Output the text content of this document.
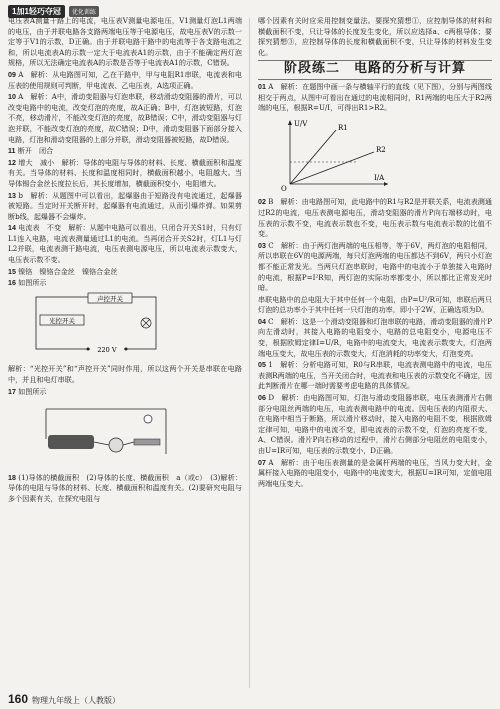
1加1轻巧夺冠	优化训练

电压表A测量干路上的电流，电压表V测量电源电压，V1测量灯泡L1两端的电压，由于并联电路各支路两端电压等于电源电压，故电压表V的示数一定等于V1的示数，D正确。由于并联电路干路中的电流等于各支路电流之和，所以电流表A的示数一定大于电流表A1的示数，由于不能确定两灯泡规格，所以无法确定电流表A的示数是否等于电流表A1的示数，C错误。

09 A　解析：从电路图可知，乙在干路中，甲与电阻R1串联，电流表和电压表的使用规则可判断，甲电流表、乙电压表，A选项正确。

10 A　解析：A中，滑动变阻器与灯泡串联，移动滑动变阻器的滑片，可以改变电路中的电流，改变灯泡的亮度，故A正确；B中，灯泡被短路，灯泡不亮，移动滑片，不能改变灯泡的亮度，故B错误；C中，滑动变阻器与灯泡并联，不能改变灯泡的亮度，故C错误；D中，滑动变阻器下面部分接入电路，灯泡和滑动变阻器的上部分并联，滑动变阻器被短路，故D错误。

11 断开　闭合

12 增大　减小　解析：导体的电阻与导体的材料、长度、横截面积和温度有关。当导体的材料、长度和温度相同时，横截面积越小，电阻越大。当导体锡合金丝长度拉长后，其长度增加，横截面积变小，电阻增大。

13 b　解析：从题图中可以看出，起爆器由于短路没有电流通过，起爆器被短路。当定时开关断开时，起爆器有电流通过，从而引爆炸弹。如果剪断b线，起爆器不会爆炸。

14 电流表　不变　解析：从题中电路可以看出，只闭合开关S1时，只有灯L1连入电路，电流表测量通过L1的电流。当再闭合开关S2时，灯L1与灯L2并联，电流表测干路电流，电压表测电源电压，所以电流表示数变大，电压表示数不变。

15 镍铬　镍铬合金丝　镍铬合金丝

16 如图所示

声控开关
光控开关
220 V

解析：“光控开关”和“声控开关”同时作用，所以这两个开关是串联在电路中，并且和电灯串联。

17 如图所示

18 (1)导体的横截面积　(2)导体的长度、横截面积　a（或c）　(3)解析：导体的电阻与导体的材料、长度、横截面积和温度有关。(2)要研究电阻与多个因素有关，在探究电阻与

哪个因素有关时应采用控制变量法。要探究猜想①，应控制导体的材料和横截面积不变，只让导体的长度发生变化，所以应选择a、c两根导体；要探究猜想③，应控制导体的长度和横截面积不变，只让导体的材料发生变化。

阶段练二　电路的分析与计算

01 A　解析：在题图中画一条与横轴平行的直线（见下图），分别与两图线相交于两点，从图中可看出在通过的电流相同时，R1两端的电压大于R2两端的电压，根据R=U/I，可得出R1>R2。

U/V
I/A
R1
R2
O

02 B　解析：由电路图可知，此电路中的R1与R2是并联关系，电流表测通过R2的电流，电压表测电源电压，滑动变阻器的滑片P向右端移动时，电压表的示数不变，电流表示数也不变，电压表示数与电流表示数的比值不变。

03 C　解析：由于两灯泡两端的电压相等，等于6V，两灯泡的电阻相同，所以串联在6V的电源两端，每只灯泡两端的电压都达不到6V，两只小灯泡都不能正常发光。当两只灯泡串联时，电路中的电流小于单独接入电路时的电流，根据P=I²R知，两灯泡的实际功率都变小，所以都比正常发光时暗。

串联电路中的总电阻大于其中任何一个电阻，由P=U²/R可知，串联后两只灯泡的总功率小于其中任何一只灯泡的功率，即小于2W，正确选项为D。

04 C　解析：这是一个滑动变阻器和灯泡串联的电路，滑动变阻器的滑片P向左滑动时，其接入电路的电阻变小，电路的总电阻变小，电源电压不变，根据欧姆定律I=U/R，电路中的电流变大，电流表示数变大，灯泡两端电压变大，故电压表的示数变大，灯泡消耗的功率变大，灯泡变亮。

05 1　解析：分析电路可知，R0与R串联，电流表测电路中的电流，电压表测R两端的电压，当开关闭合时，电流表和电压表的示数变化不确定，因此判断滑片在哪一端时需要考虑电路的具体情况。

06 D　解析：由电路图可知，灯泡与滑动变阻器串联，电压表测滑片右侧部分电阻丝两端的电压，电流表测电路中的电流。因电压表的内阻很大、在电路中相当于断路，所以滑片移动时，接入电路的电阻不变，根据欧姆定律可知，电路中的电流不变，即电流表的示数不变，灯泡的亮度不变，A、C错误。滑片P向右移动的过程中，滑片右侧部分电阻丝的电阻变小，由U=IR可知，电压表的示数变小，D正确。

07 A　解析：由于电压表测量的是金属杆两端的电压，当风力变大时，金属杆接入电路的电阻变小，电路中的电流变大，根据U=IR可知，定值电阻两端电压变大。

160 物理九年级上（人教版）
